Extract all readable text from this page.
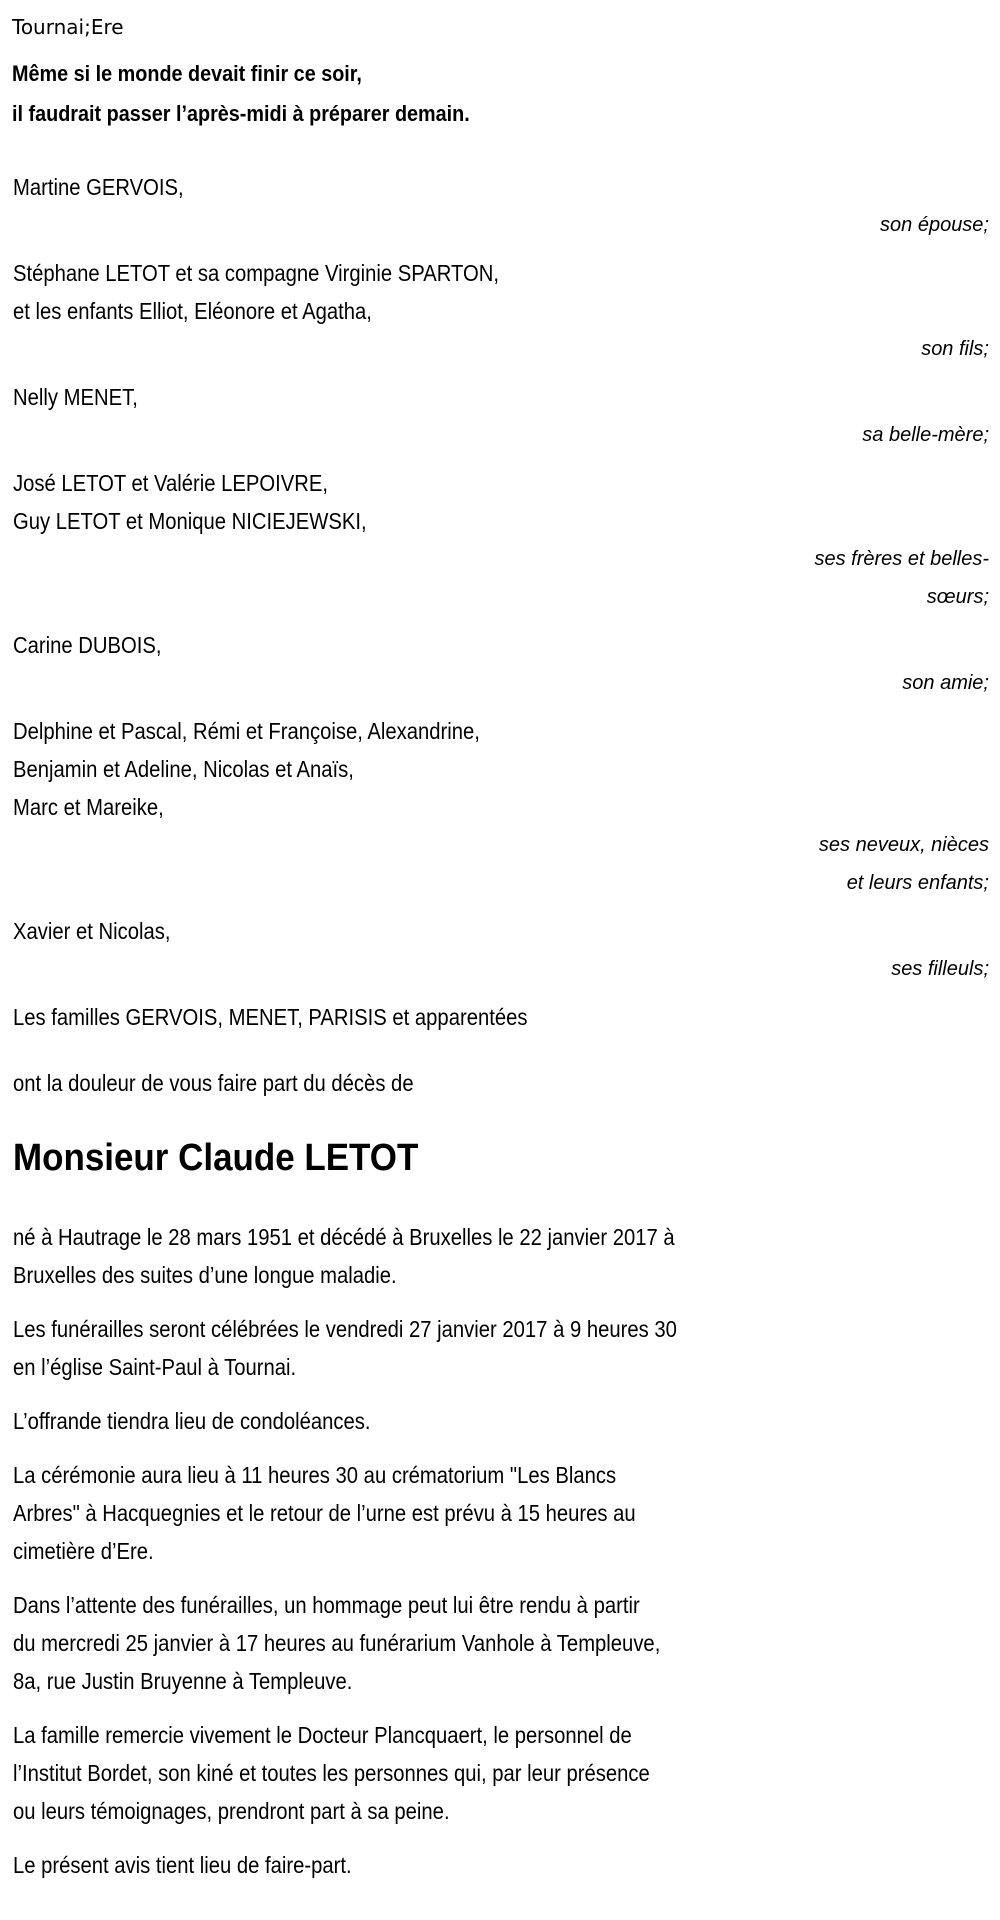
Tournai;Ere
Même si le monde devait finir ce soir,
il faudrait passer l’après-midi à préparer demain.
Martine GERVOIS,
son épouse;
Stéphane LETOT et sa compagne Virginie SPARTON,
et les enfants Elliot, Eléonore et Agatha,
son fils;
Nelly MENET,
sa belle-mère;
José LETOT et Valérie LEPOIVRE,
Guy LETOT et Monique NICIEJEWSKI,
ses frères et belles-
sœurs;
Carine DUBOIS,
son amie;
Delphine et Pascal, Rémi et Françoise, Alexandrine,
Benjamin et Adeline, Nicolas et Anaïs,
Marc et Mareike,
ses neveux, nièces
et leurs enfants;
Xavier et Nicolas,
ses filleuls;
Les familles GERVOIS, MENET, PARISIS et apparentées
ont la douleur de vous faire part du décès de
Monsieur Claude LETOT
né à Hautrage le 28 mars 1951 et décédé à Bruxelles le 22 janvier 2017 à
Bruxelles des suites d’une longue maladie.
Les funérailles seront célébrées le vendredi 27 janvier 2017 à 9 heures 30
en l’église Saint-Paul à Tournai.
L’offrande tiendra lieu de condoléances.
La cérémonie aura lieu à 11 heures 30 au crématorium "Les Blancs
Arbres" à Hacquegnies et le retour de l’urne est prévu à 15 heures au
cimetière d’Ere.
Dans l’attente des funérailles, un hommage peut lui être rendu à partir
du mercredi 25 janvier à 17 heures au funérarium Vanhole à Templeuve,
8a, rue Justin Bruyenne à Templeuve.
La famille remercie vivement le Docteur Plancquaert, le personnel de
l’Institut Bordet, son kiné et toutes les personnes qui, par leur présence
ou leurs témoignages, prendront part à sa peine.
Le présent avis tient lieu de faire-part.
